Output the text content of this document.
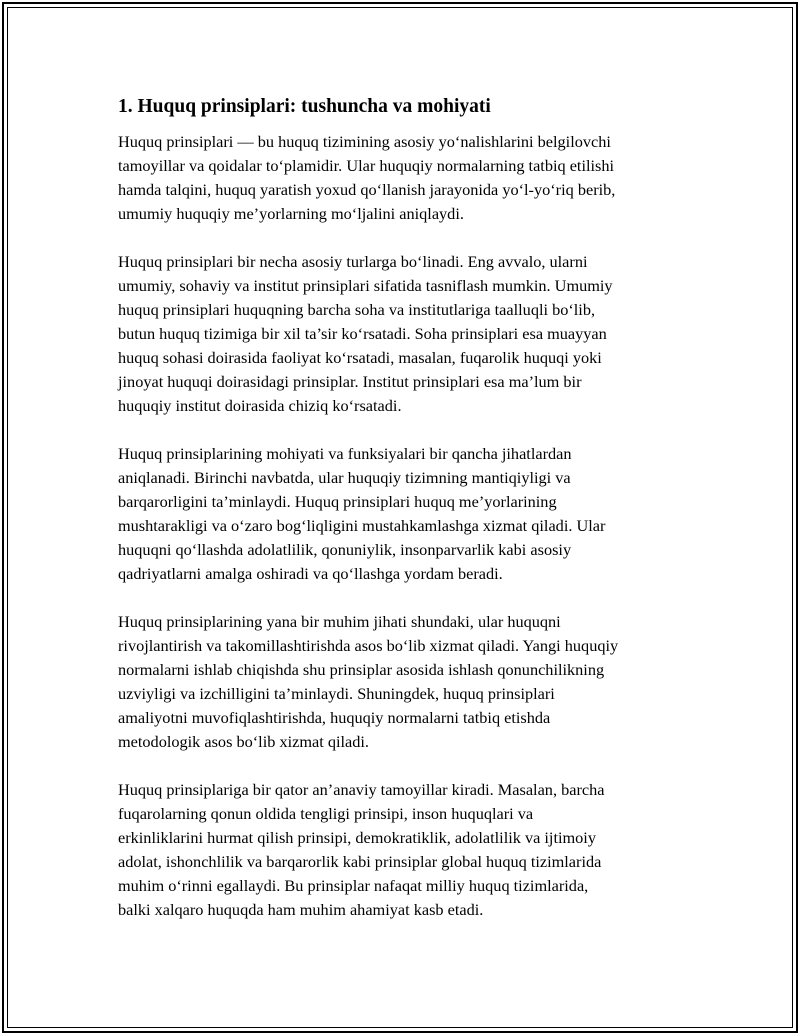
1. Huquq prinsiplari: tushuncha va mohiyati
Huquq prinsiplari — bu huquq tizimining asosiy yo‘nalishlarini belgilovchi
tamoyillar va qoidalar to‘plamidir. Ular huquqiy normalarning tatbiq etilishi
hamda talqini, huquq yaratish yoxud qo‘llanish jarayonida yo‘l-yo‘riq berib,
umumiy huquqiy me’yorlarning mo‘ljalini aniqlaydi.
Huquq prinsiplari bir necha asosiy turlarga bo‘linadi. Eng avvalo, ularni
umumiy, sohaviy va institut prinsiplari sifatida tasniflash mumkin. Umumiy
huquq prinsiplari huquqning barcha soha va institutlariga taalluqli bo‘lib,
butun huquq tizimiga bir xil ta’sir ko‘rsatadi. Soha prinsiplari esa muayyan
huquq sohasi doirasida faoliyat ko‘rsatadi, masalan, fuqarolik huquqi yoki
jinoyat huquqi doirasidagi prinsiplar. Institut prinsiplari esa ma’lum bir
huquqiy institut doirasida chiziq ko‘rsatadi.
Huquq prinsiplarining mohiyati va funksiyalari bir qancha jihatlardan
aniqlanadi. Birinchi navbatda, ular huquqiy tizimning mantiqiyligi va
barqarorligini ta’minlaydi. Huquq prinsiplari huquq me’yorlarining
mushtarakligi va o‘zaro bog‘liqligini mustahkamlashga xizmat qiladi. Ular
huquqni qo‘llashda adolatlilik, qonuniylik, insonparvarlik kabi asosiy
qadriyatlarni amalga oshiradi va qo‘llashga yordam beradi.
Huquq prinsiplarining yana bir muhim jihati shundaki, ular huquqni
rivojlantirish va takomillashtirishda asos bo‘lib xizmat qiladi. Yangi huquqiy
normalarni ishlab chiqishda shu prinsiplar asosida ishlash qonunchilikning
uzviyligi va izchilligini ta’minlaydi. Shuningdek, huquq prinsiplari
amaliyotni muvofiqlashtirishda, huquqiy normalarni tatbiq etishda
metodologik asos bo‘lib xizmat qiladi.
Huquq prinsiplariga bir qator an’anaviy tamoyillar kiradi. Masalan, barcha
fuqarolarning qonun oldida tengligi prinsipi, inson huquqlari va
erkinliklarini hurmat qilish prinsipi, demokratiklik, adolatlilik va ijtimoiy
adolat, ishonchlilik va barqarorlik kabi prinsiplar global huquq tizimlarida
muhim o‘rinni egallaydi. Bu prinsiplar nafaqat milliy huquq tizimlarida,
balki xalqaro huquqda ham muhim ahamiyat kasb etadi.
